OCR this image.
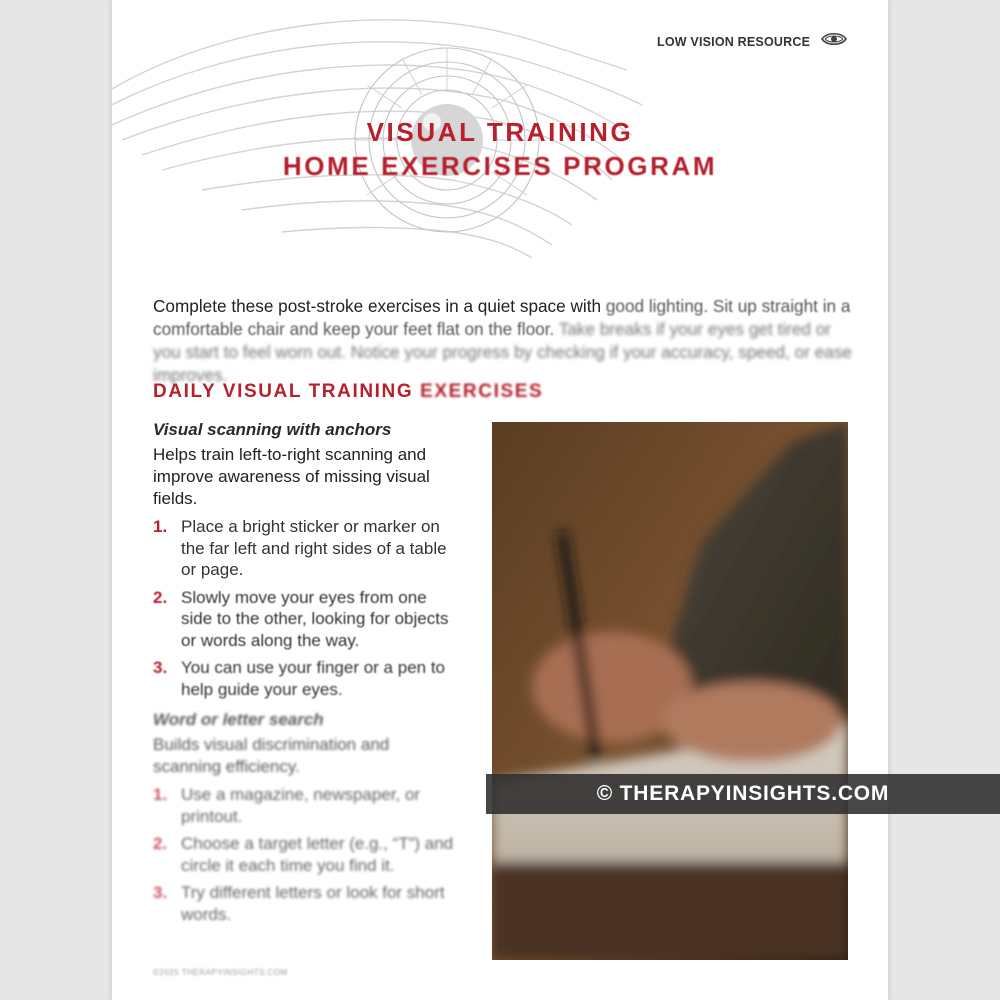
LOW VISION RESOURCE
VISUAL TRAINING
HOME EXERCISES PROGRAM

Complete these post-stroke exercises in a quiet space with good lighting. Sit up straight in a comfortable chair and keep your feet flat on the floor. Take breaks if your eyes get tired or you start to feel worn out. Notice your progress by checking if your accuracy, speed, or ease improves.

DAILY VISUAL TRAINING EXERCISES
Visual scanning with anchors
Helps train left-to-right scanning and improve awareness of missing visual fields.
1. Place a bright sticker or marker on the far left and right sides of a table or page.
2. Slowly move your eyes from one side to the other, looking for objects or words along the way.
3. You can use your finger or a pen to help guide your eyes.
Word or letter search
Builds visual discrimination and scanning efficiency.
1. Use a magazine, newspaper, or printout.
2. Choose a target letter (e.g., “T”) and circle it each time you find it.
3. Try different letters or look for short words.
©2025 THERAPYINSIGHTS.COM
© THERAPYINSIGHTS.COM
